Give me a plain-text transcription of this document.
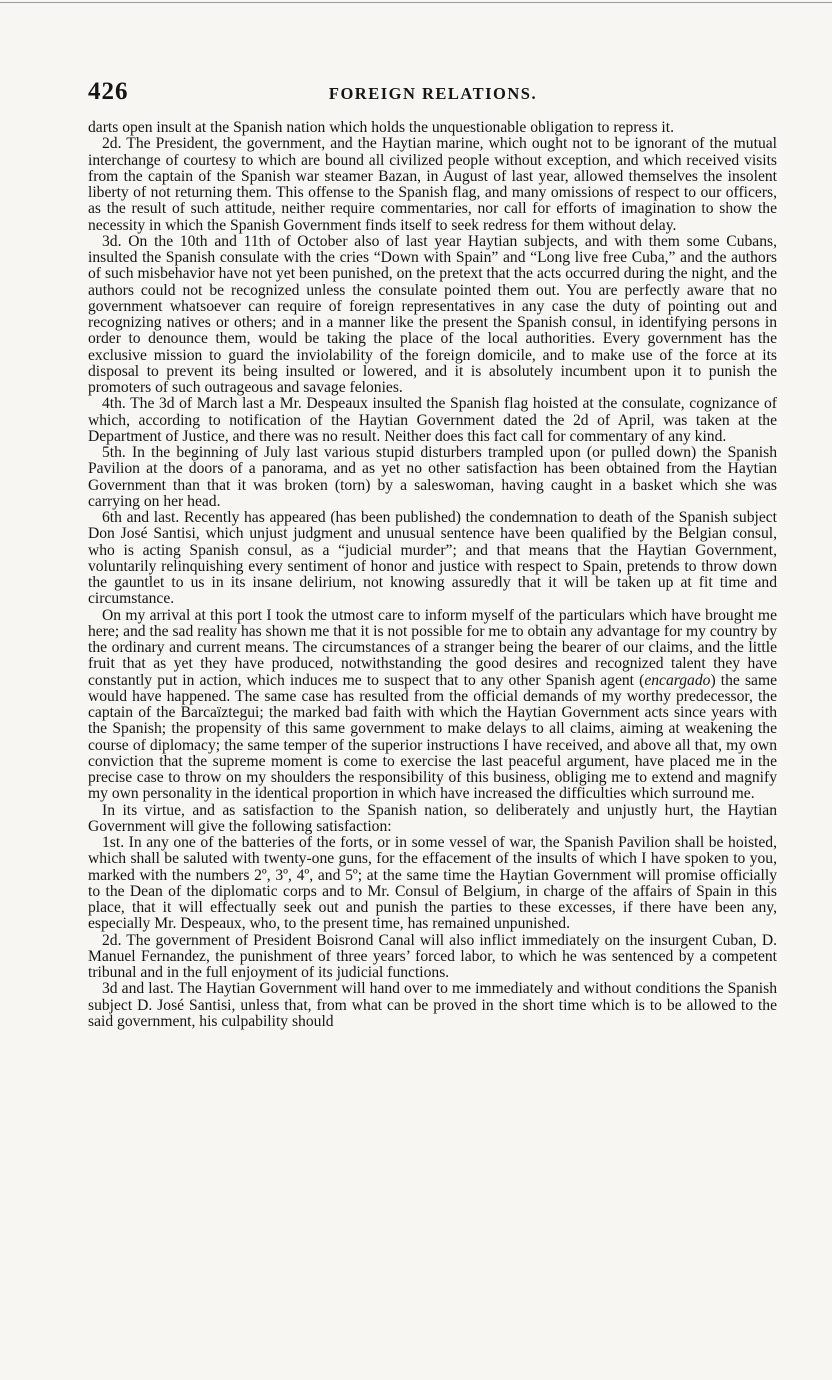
426	FOREIGN RELATIONS.

darts open insult at the Spanish nation which holds the unquestionable obligation to repress it.

2d. The President, the government, and the Haytian marine, which ought not to be ignorant of the mutual interchange of courtesy to which are bound all civilized people without exception, and which received visits from the captain of the Spanish war steamer Bazan, in August of last year, allowed themselves the insolent liberty of not returning them. This offense to the Spanish flag, and many omissions of respect to our officers, as the result of such attitude, neither require commentaries, nor call for efforts of imagination to show the necessity in which the Spanish Government finds itself to seek redress for them without delay.

3d. On the 10th and 11th of October also of last year Haytian subjects, and with them some Cubans, insulted the Spanish consulate with the cries “Down with Spain” and “Long live free Cuba,” and the authors of such misbehavior have not yet been punished, on the pretext that the acts occurred during the night, and the authors could not be recognized unless the consulate pointed them out. You are perfectly aware that no government whatsoever can require of foreign representatives in any case the duty of pointing out and recognizing natives or others; and in a manner like the present the Spanish consul, in identifying persons in order to denounce them, would be taking the place of the local authorities. Every government has the exclusive mission to guard the inviolability of the foreign domicile, and to make use of the force at its disposal to prevent its being insulted or lowered, and it is absolutely incumbent upon it to punish the promoters of such outrageous and savage felonies.

4th. The 3d of March last a Mr. Despeaux insulted the Spanish flag hoisted at the consulate, cognizance of which, according to notification of the Haytian Government dated the 2d of April, was taken at the Department of Justice, and there was no result. Neither does this fact call for commentary of any kind.

5th. In the beginning of July last various stupid disturbers trampled upon (or pulled down) the Spanish Pavilion at the doors of a panorama, and as yet no other satisfaction has been obtained from the Haytian Government than that it was broken (torn) by a saleswoman, having caught in a basket which she was carrying on her head.

6th and last. Recently has appeared (has been published) the condemnation to death of the Spanish subject Don José Santisi, which unjust judgment and unusual sentence have been qualified by the Belgian consul, who is acting Spanish consul, as a “judicial murder”; and that means that the Haytian Government, voluntarily relinquishing every sentiment of honor and justice with respect to Spain, pretends to throw down the gauntlet to us in its insane delirium, not knowing assuredly that it will be taken up at fit time and circumstance.

On my arrival at this port I took the utmost care to inform myself of the particulars which have brought me here; and the sad reality has shown me that it is not possible for me to obtain any advantage for my country by the ordinary and current means. The circumstances of a stranger being the bearer of our claims, and the little fruit that as yet they have produced, notwithstanding the good desires and recognized talent they have constantly put in action, which induces me to suspect that to any other Spanish agent (encargado) the same would have happened. The same case has resulted from the official demands of my worthy predecessor, the captain of the Barcaïztegui; the marked bad faith with which the Haytian Government acts since years with the Spanish; the propensity of this same government to make delays to all claims, aiming at weakening the course of diplomacy; the same temper of the superior instructions I have received, and above all that, my own conviction that the supreme moment is come to exercise the last peaceful argument, have placed me in the precise case to throw on my shoulders the responsibility of this business, obliging me to extend and magnify my own personality in the identical proportion in which have increased the difficulties which surround me.

In its virtue, and as satisfaction to the Spanish nation, so deliberately and unjustly hurt, the Haytian Government will give the following satisfaction:

1st. In any one of the batteries of the forts, or in some vessel of war, the Spanish Pavilion shall be hoisted, which shall be saluted with twenty-one guns, for the effacement of the insults of which I have spoken to you, marked with the numbers 2º, 3º, 4º, and 5º; at the same time the Haytian Government will promise officially to the Dean of the diplomatic corps and to Mr. Consul of Belgium, in charge of the affairs of Spain in this place, that it will effectually seek out and punish the parties to these excesses, if there have been any, especially Mr. Despeaux, who, to the present time, has remained unpunished.

2d. The government of President Boisrond Canal will also inflict immediately on the insurgent Cuban, D. Manuel Fernandez, the punishment of three years’ forced labor, to which he was sentenced by a competent tribunal and in the full enjoyment of its judicial functions.

3d and last. The Haytian Government will hand over to me immediately and without conditions the Spanish subject D. José Santisi, unless that, from what can be proved in the short time which is to be allowed to the said government, his culpability should
